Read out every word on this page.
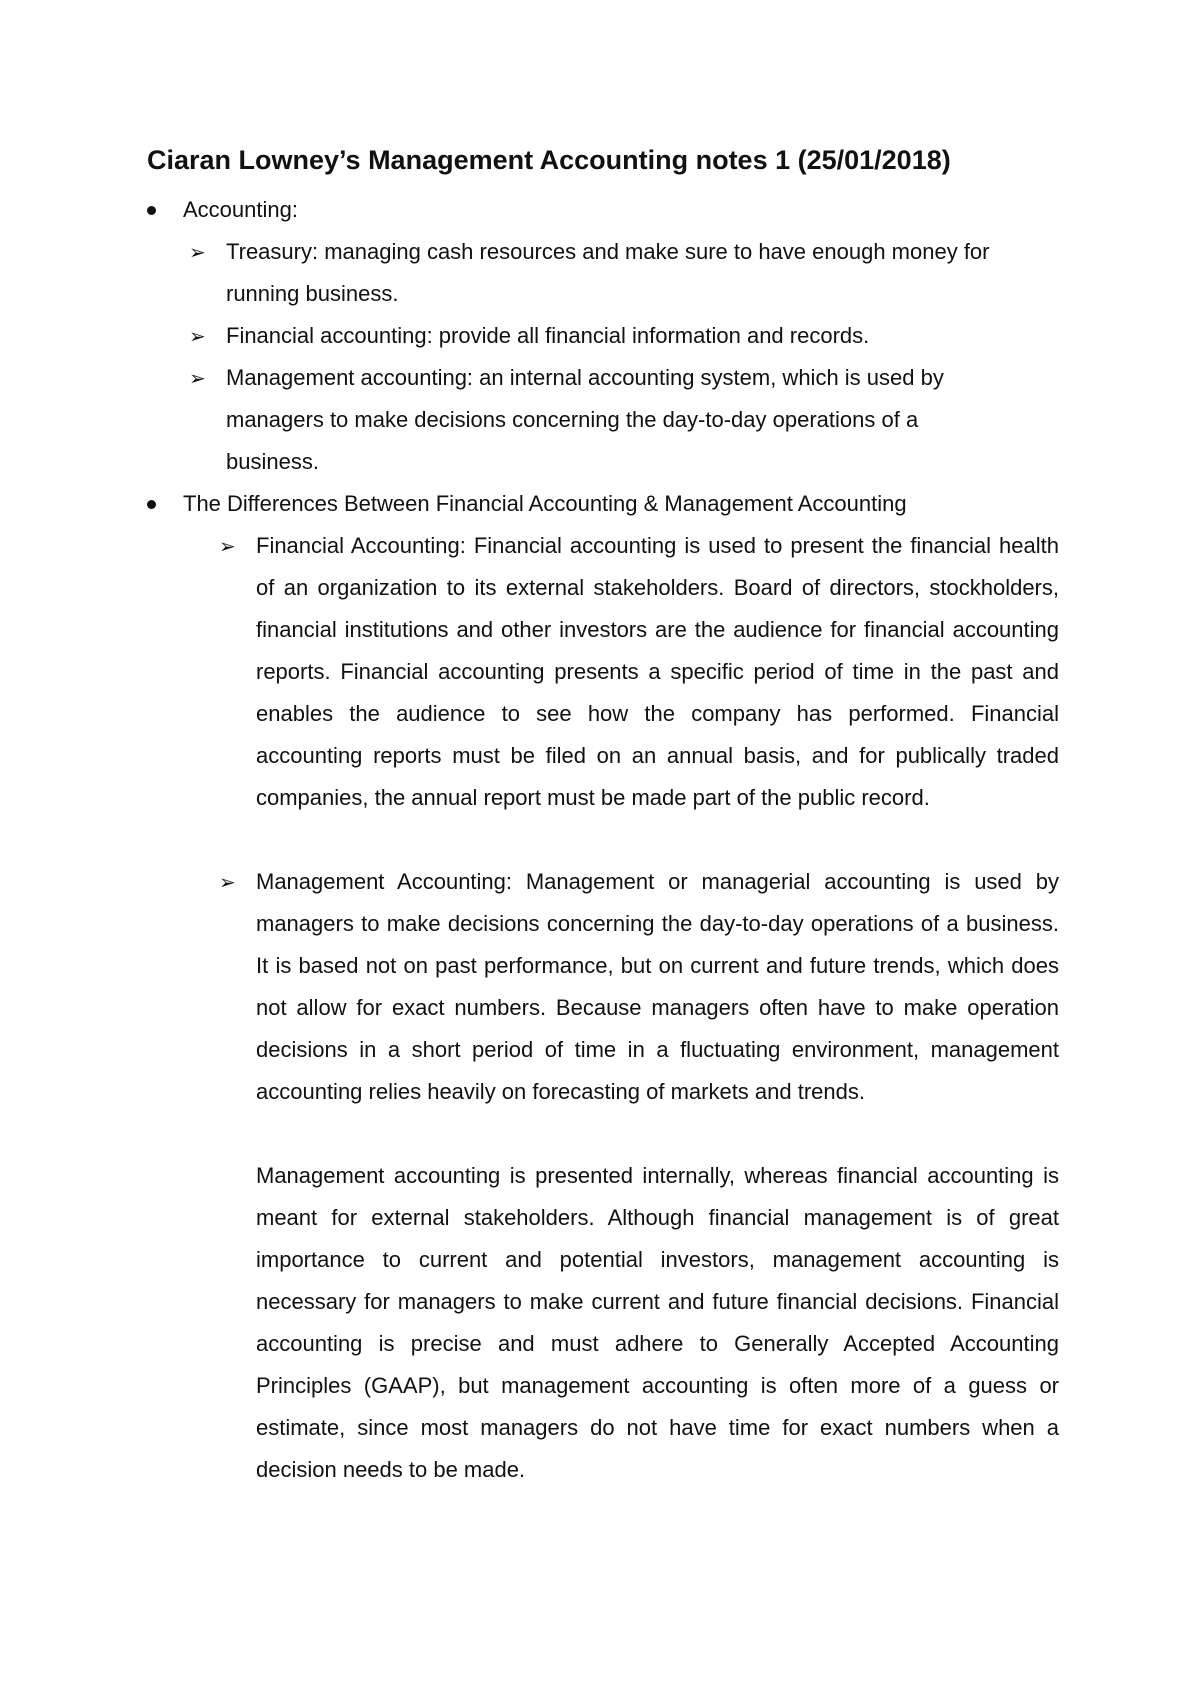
Ciaran Lowney’s Management Accounting notes 1 (25/01/2018)
Accounting:
➢ Treasury: managing cash resources and make sure to have enough money for running business.

➢ Financial accounting: provide all financial information and records.

➢ Management accounting: an internal accounting system, which is used by managers to make decisions concerning the day-to-day operations of a business.

The Differences Between Financial Accounting & Management Accounting
➢ Financial Accounting: Financial accounting is used to present the financial health of an organization to its external stakeholders. Board of directors, stockholders, financial institutions and other investors are the audience for financial accounting reports. Financial accounting presents a specific period of time in the past and enables the audience to see how the company has performed. Financial accounting reports must be filed on an annual basis, and for publically traded companies, the annual report must be made part of the public record.

➢ Management Accounting: Management or managerial accounting is used by managers to make decisions concerning the day-to-day operations of a business. It is based not on past performance, but on current and future trends, which does not allow for exact numbers. Because managers often have to make operation decisions in a short period of time in a fluctuating environment, management accounting relies heavily on forecasting of markets and trends.

Management accounting is presented internally, whereas financial accounting is meant for external stakeholders. Although financial management is of great importance to current and potential investors, management accounting is necessary for managers to make current and future financial decisions. Financial accounting is precise and must adhere to Generally Accepted Accounting Principles (GAAP), but management accounting is often more of a guess or estimate, since most managers do not have time for exact numbers when a decision needs to be made.
